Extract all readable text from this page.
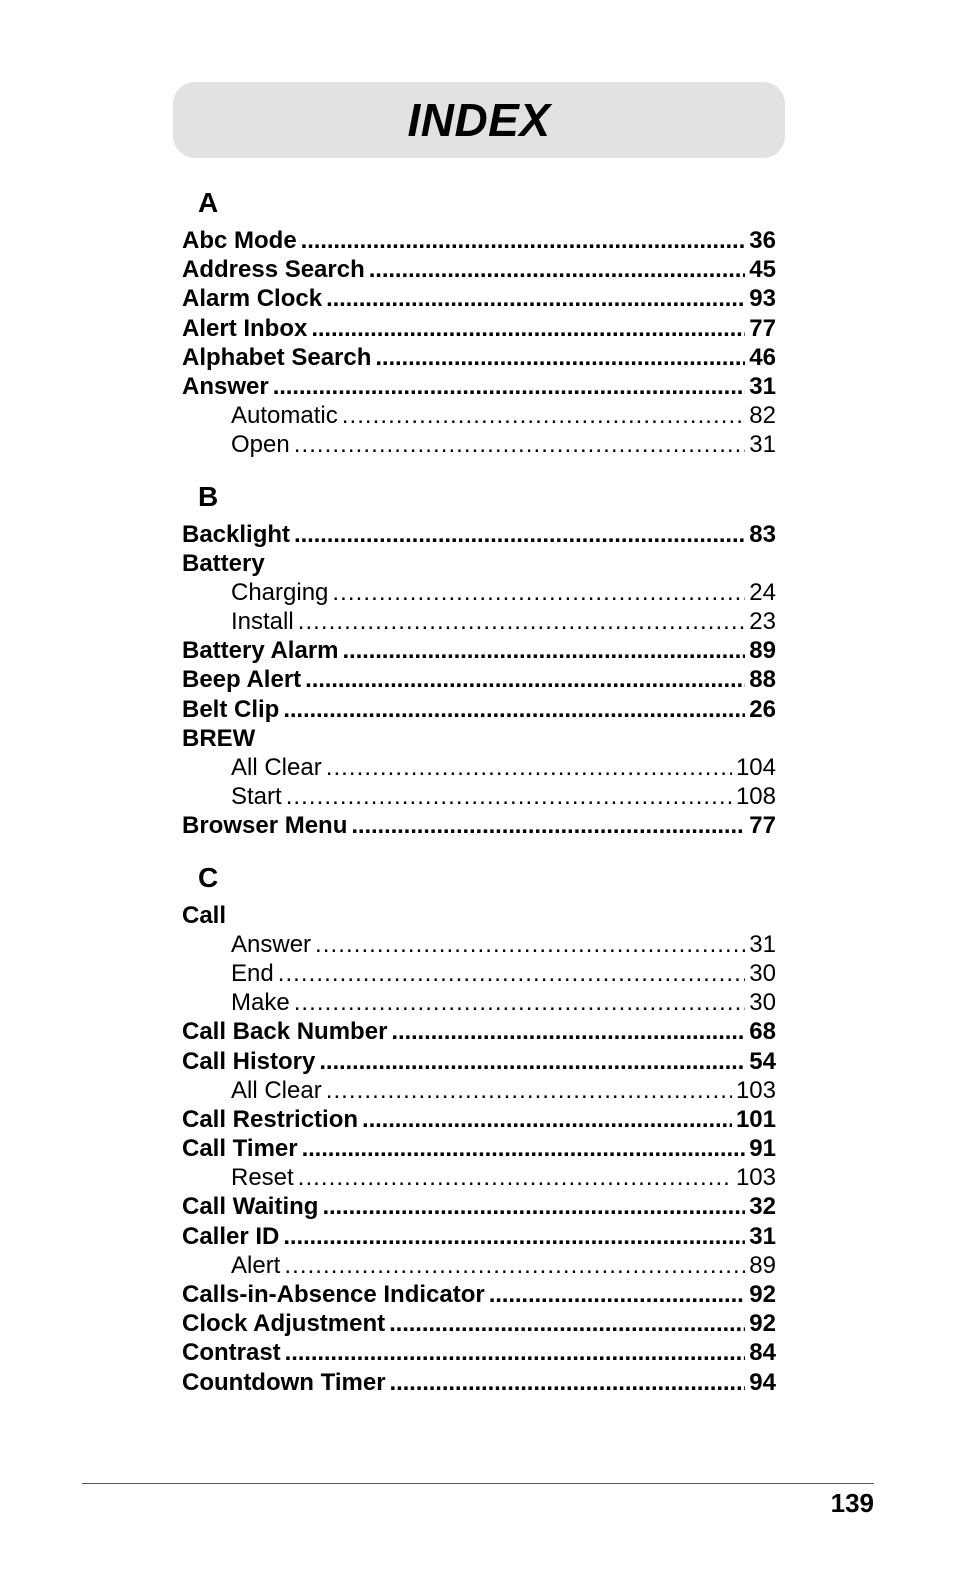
INDEX
A
Abc Mode . . .	36
Address Search . . .	45
Alarm Clock . . .	93
Alert Inbox . . .	77
Alphabet Search . . .	46
Answer . . .	31
Automatic . . .	82
Open . . .	31
B
Backlight . . .	83
Battery
Charging . . .	24
Install . . .	23
Battery Alarm . . .	89
Beep Alert . . .	88
Belt Clip . . .	26
BREW
All Clear . . .	104
Start . . .	108
Browser Menu . . .	77
C
Call
Answer . . .	31
End . . .	30
Make . . .	30
Call Back Number . . .	68
Call History . . .	54
All Clear . . .	103
Call Restriction . . .	101
Call Timer . . .	91
Reset . . .	103
Call Waiting . . .	32
Caller ID . . .	31
Alert . . .	89
Calls-in-Absence Indicator . . .	92
Clock Adjustment . . .	92
Contrast . . .	84
Countdown Timer . . .	94
139
